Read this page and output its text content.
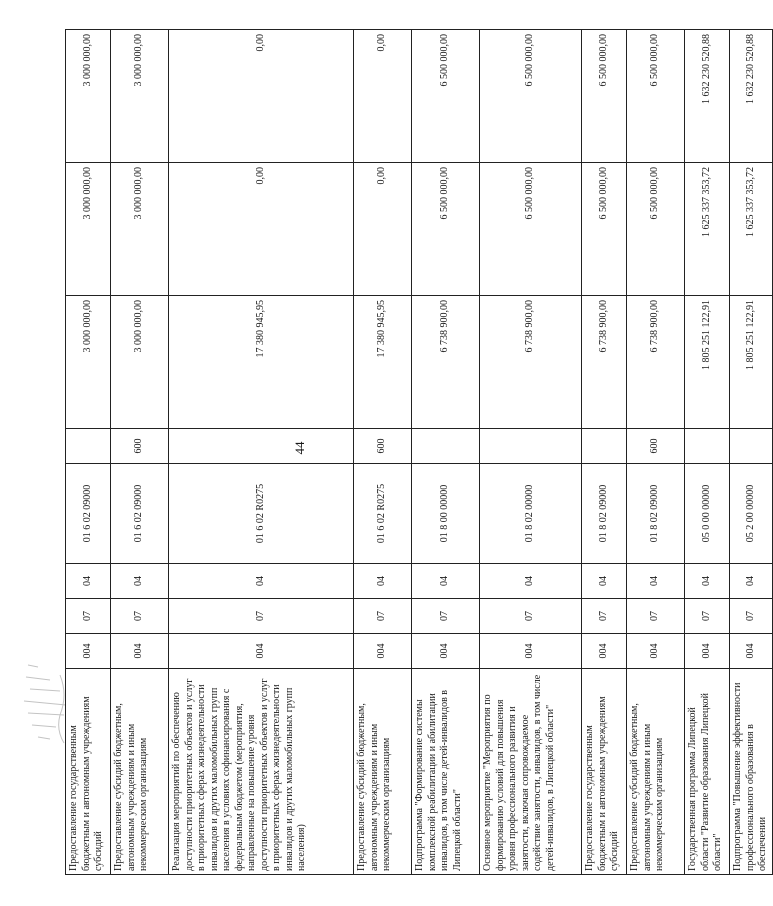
44
Предоставление государственным бюджетным и автономным учреждениям субсидий	004	07	04	01 6 02 09000		3 000 000,00	3 000 000,00	3 000 000,00
Предоставление субсидий бюджетным, автономным учреждениям и иным некоммерческим организациям	004	07	04	01 6 02 09000	600	3 000 000,00	3 000 000,00	3 000 000,00
Реализация мероприятий по обеспечению доступности приоритетных объектов и услуг в приоритетных сферах жизнедеятельности инвалидов и других маломобильных групп населения в условиях софинансирования с федеральным бюджетом (мероприятия, направленные на повышение уровня доступности приоритетных объектов и услуг в приоритетных сферах жизнедеятельности инвалидов и других маломобильных групп населения)	004	07	04	01 6 02 R0275		17 380 945,95	0,00	0,00
Предоставление субсидий бюджетным, автономным учреждениям и иным некоммерческим организациям	004	07	04	01 6 02 R0275	600	17 380 945,95	0,00	0,00
Подпрограмма "Формирование системы комплексной реабилитации и абилитации инвалидов, в том числе детей-инвалидов в Липецкой области"	004	07	04	01 8 00 00000		6 738 900,00	6 500 000,00	6 500 000,00
Основное мероприятие "Мероприятия по формированию условий для повышения уровня профессионального развития и занятости, включая сопровождаемое содействие занятости, инвалидов, в том числе детей-инвалидов, в Липецкой области"	004	07	04	01 8 02 00000		6 738 900,00	6 500 000,00	6 500 000,00
Предоставление государственным бюджетным и автономным учреждениям субсидий	004	07	04	01 8 02 09000		6 738 900,00	6 500 000,00	6 500 000,00
Предоставление субсидий бюджетным, автономным учреждениям и иным некоммерческим организациям	004	07	04	01 8 02 09000	600	6 738 900,00	6 500 000,00	6 500 000,00
Государственная программа Липецкой области "Развитие образования Липецкой области"	004	07	04	05 0 00 00000		1 805 251 122,91	1 625 337 353,72	1 632 230 520,88
Подпрограмма "Повышение эффективности профессионального образования в обеспечении	004	07	04	05 2 00 00000		1 805 251 122,91	1 625 337 353,72	1 632 230 520,88
